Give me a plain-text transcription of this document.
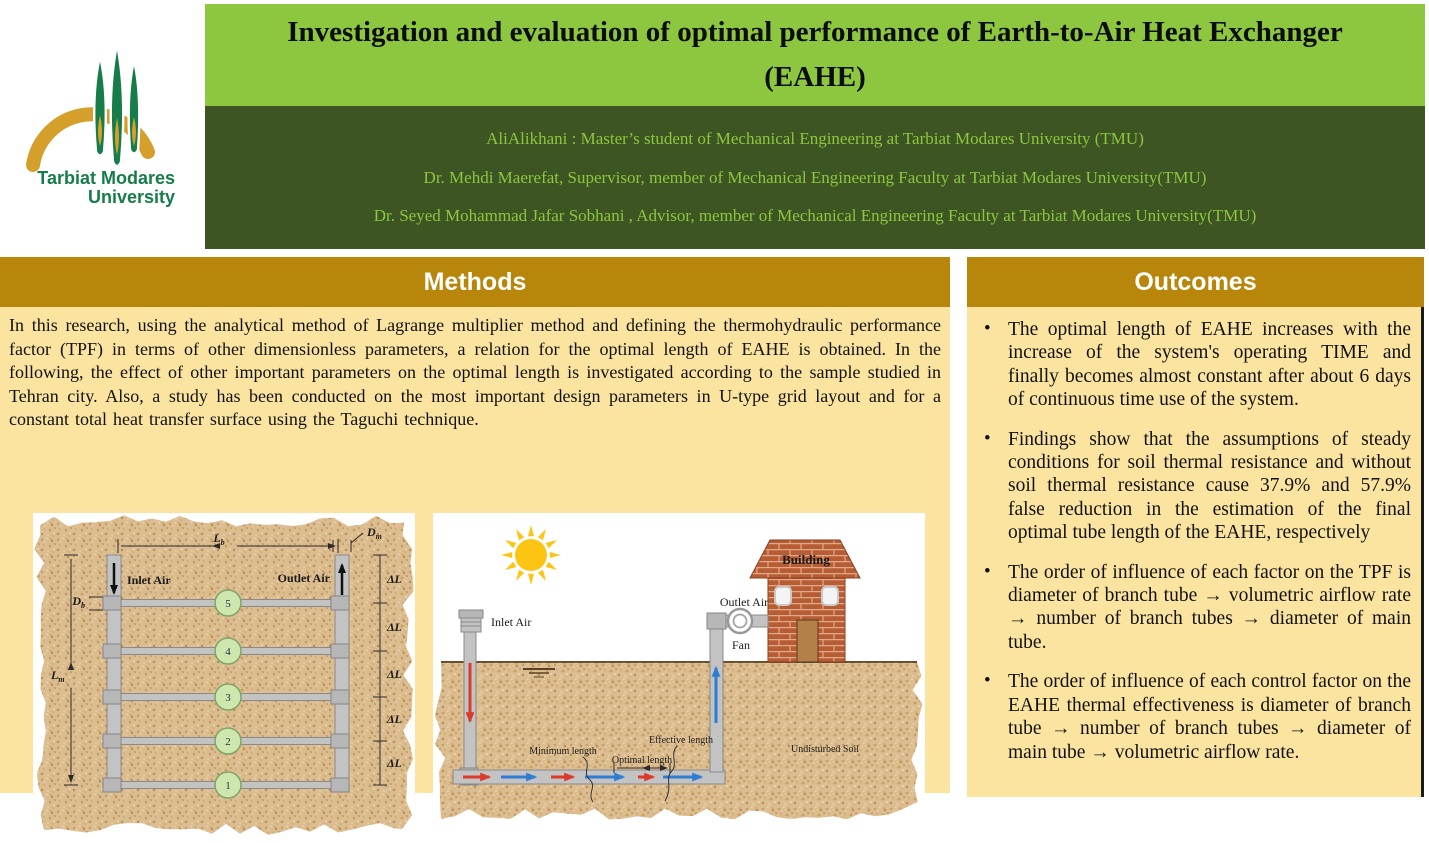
Tarbiat Modares
University
Investigation and evaluation of optimal performance of Earth-to-Air Heat Exchanger (EAHE)
AliAlikhani : Master’s student of Mechanical Engineering at Tarbiat Modares University (TMU)
Dr. Mehdi Maerefat, Supervisor, member of Mechanical Engineering Faculty at Tarbiat Modares University(TMU)
Dr. Seyed Mohammad Jafar Sobhani , Advisor, member of Mechanical Engineering Faculty at Tarbiat Modares University(TMU)
Methods
In this research, using the analytical method of Lagrange multiplier method and defining the thermohydraulic performance factor (TPF) in terms of other dimensionless parameters, a relation for the optimal length of EAHE is obtained. In the following, the effect of other important parameters on the optimal length is investigated according to the sample studied in Tehran city. Also, a study has been conducted on the most important design parameters in U-type grid layout and for a constant total heat transfer surface using the Taguchi technique.
$L_b$
$D_m$
Inlet Air	Outlet Air
5
4
3
2
1
ΔL
ΔL
ΔL
ΔL
ΔL
$D_b$
$L_m$
Building
Inlet Air
Outlet Air
Fan
Minimum length
Optimal length
Effective length
Undisturbed Soil
Outcomes
• The optimal length of EAHE increases with the increase of the system's operating TIME and finally becomes almost constant after about 6 days of continuous time use of the system.
• Findings show that the assumptions of steady conditions for soil thermal resistance and without soil thermal resistance cause 37.9% and 57.9% false reduction in the estimation of the final optimal tube length of the EAHE, respectively
• The order of influence of each factor on the TPF is diameter of branch tube → volumetric airflow rate → number of branch tubes → diameter of main tube.
• The order of influence of each control factor on the EAHE thermal effectiveness is diameter of branch tube → number of branch tubes → diameter of main tube → volumetric airflow rate.
